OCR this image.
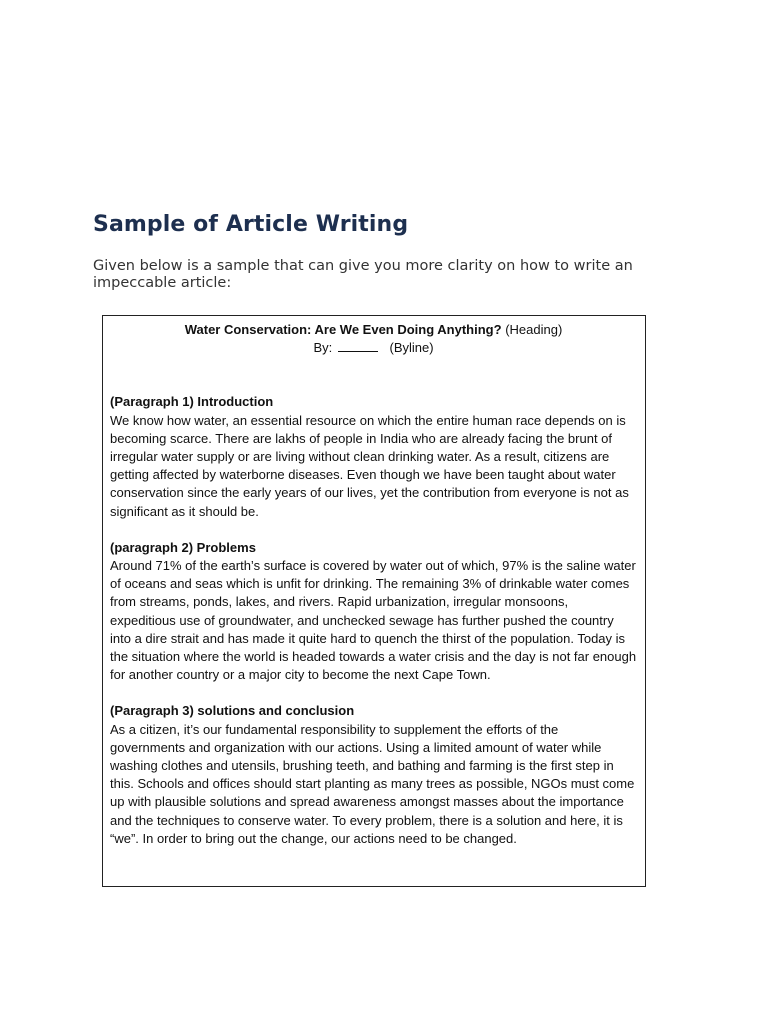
Sample of Article Writing

Given below is a sample that can give you more clarity on how to write an impeccable article:

Water Conservation: Are We Even Doing Anything? (Heading)

By:	(Byline)

(Paragraph 1) Introduction

We know how water, an essential resource on which the entire human race depends on is becoming scarce. There are lakhs of people in India who are already facing the brunt of irregular water supply or are living without clean drinking water. As a result, citizens are getting affected by waterborne diseases. Even though we have been taught about water conservation since the early years of our lives, yet the contribution from everyone is not as significant as it should be.

(paragraph 2) Problems

Around 71% of the earth’s surface is covered by water out of which, 97% is the saline water of oceans and seas which is unfit for drinking. The remaining 3% of drinkable water comes from streams, ponds, lakes, and rivers. Rapid urbanization, irregular monsoons, expeditious use of groundwater, and unchecked sewage has further pushed the country into a dire strait and has made it quite hard to quench the thirst of the population. Today is the situation where the world is headed towards a water crisis and the day is not far enough for another country or a major city to become the next Cape Town.

(Paragraph 3) solutions and conclusion

As a citizen, it’s our fundamental responsibility to supplement the efforts of the governments and organization with our actions. Using a limited amount of water while washing clothes and utensils, brushing teeth, and bathing and farming is the first step in this. Schools and offices should start planting as many trees as possible, NGOs must come up with plausible solutions and spread awareness amongst masses about the importance and the techniques to conserve water. To every problem, there is a solution and here, it is “we”. In order to bring out the change, our actions need to be changed.
